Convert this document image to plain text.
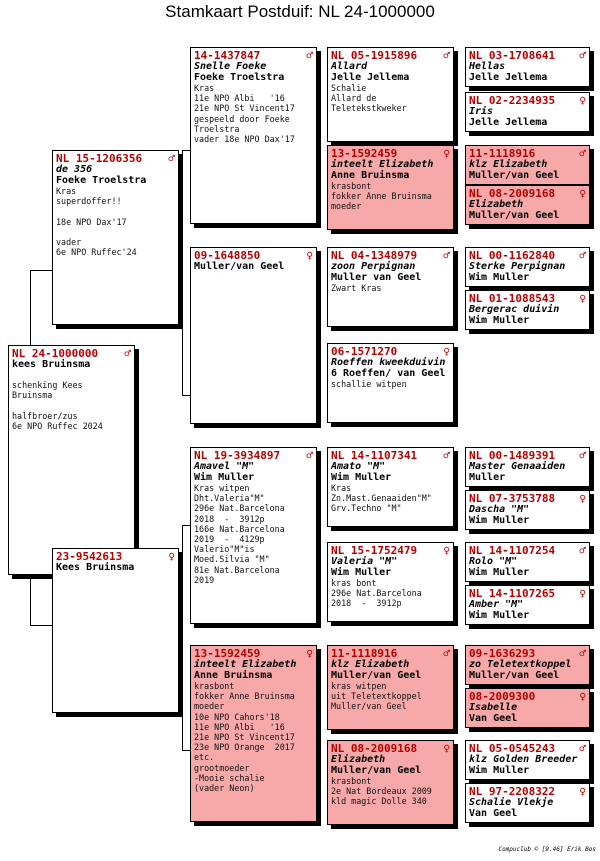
Stamkaart Postduif: NL 24-1000000
NL 24-1000000 ♂
kees Bruinsma

schenking Kees
Bruinsma

halfbroer/zus
6e NPO Ruffec 2024
NL 15-1206356 ♂
de 356
Foeke Troelstra
Kras
superdoffer!!

18e NPO Dax'17

vader
6e NPO Ruffec'24
23-9542613	♀
Kees Bruinsma
14-1437847	♂
Snelle Foeke
Foeke Troelstra
Kras
11e NPO Albi   '16
21e NPO St Vincent17
gespeeld door Foeke
Troelstra
vader 18e NPO Dax'17
09-1648850	♀
Muller/van Geel
NL 19-3934897 ♂
Amavel "M"
Wim Muller
Kras witpen
Dht.Valeria"M"
296e Nat.Barcelona
2018  -  3912p
166e Nat.Barcelona
2019  -  4129p
Valerio"M"is
Moed.Silvia "M"
81e Nat.Barcelona
2019
13-1592459	♀
inteelt Elizabeth
Anne Bruinsma
krasbont
fokker Anne Bruinsma
moeder
10e NPO Cahors'18
11e NPO Albi   '16
21e NPO St Vincent17
23e NPO Orange  2017
etc.
grootmoeder
-Mooie schalie
(vader Neon)
NL 05-1915896 ♂
Allard
Jelle Jellema
Schalie
Allard de
Teletekstkweker
13-1592459	♀
inteelt Elizabeth
Anne Bruinsma
krasbont
fokker Anne Bruinsma
moeder
NL 04-1348979 ♂
zoon Perpignan
Muller van Geel
Zwart Kras
06-1571270	♀
Roeffen kweekduivin
6 Roeffen/ van Geel
schallie witpen
NL 14-1107341 ♂
Amato "M"
Wim Muller
Kras
Zn.Mast.Genaaiden"M"
Grv.Techno "M"
NL 15-1752479 ♀
Valeria "M"
Wim Muller
kras bont
296e Nat.Barcelona
2018  -  3912p
11-1118916	♂
klz Elizabeth
Muller/van Geel
kras witpen
uit Teletextkoppel
Muller/van Geel
NL 08-2009168 ♀
Elizabeth
Muller/van Geel
krasbont
2e Nat Bordeaux 2009
kld magic Dolle 340
NL 03-1708641 ♂
Hellas
Jelle Jellema
NL 02-2234935 ♀
Iris
Jelle Jellema
11-1118916	♂
klz Elizabeth
Muller/van Geel
NL 08-2009168 ♀
Elizabeth
Muller/van Geel
NL 00-1162840 ♂
Sterke Perpignan
Wim Muller
NL 01-1088543 ♀
Bergerac duivin
Wim Muller
NL 00-1489391 ♂
Master Genaaiden
Muller
NL 07-3753788 ♀
Dascha "M"
Wim Muller
NL 14-1107254 ♂
Rolo "M"
Wim Muller
NL 14-1107265 ♀
Amber "M"
Wim Muller
09-1636293	♂
zo Teletextkoppel
Muller/van Geel
08-2009300	♀
Isabelle
Van Geel
NL 05-0545243 ♂
klz Golden Breeder
Wim Muller
NL 97-2208322 ♀
Schalie Vlekje
Van Geel
Compuclub © [9.46] Erik Bos
